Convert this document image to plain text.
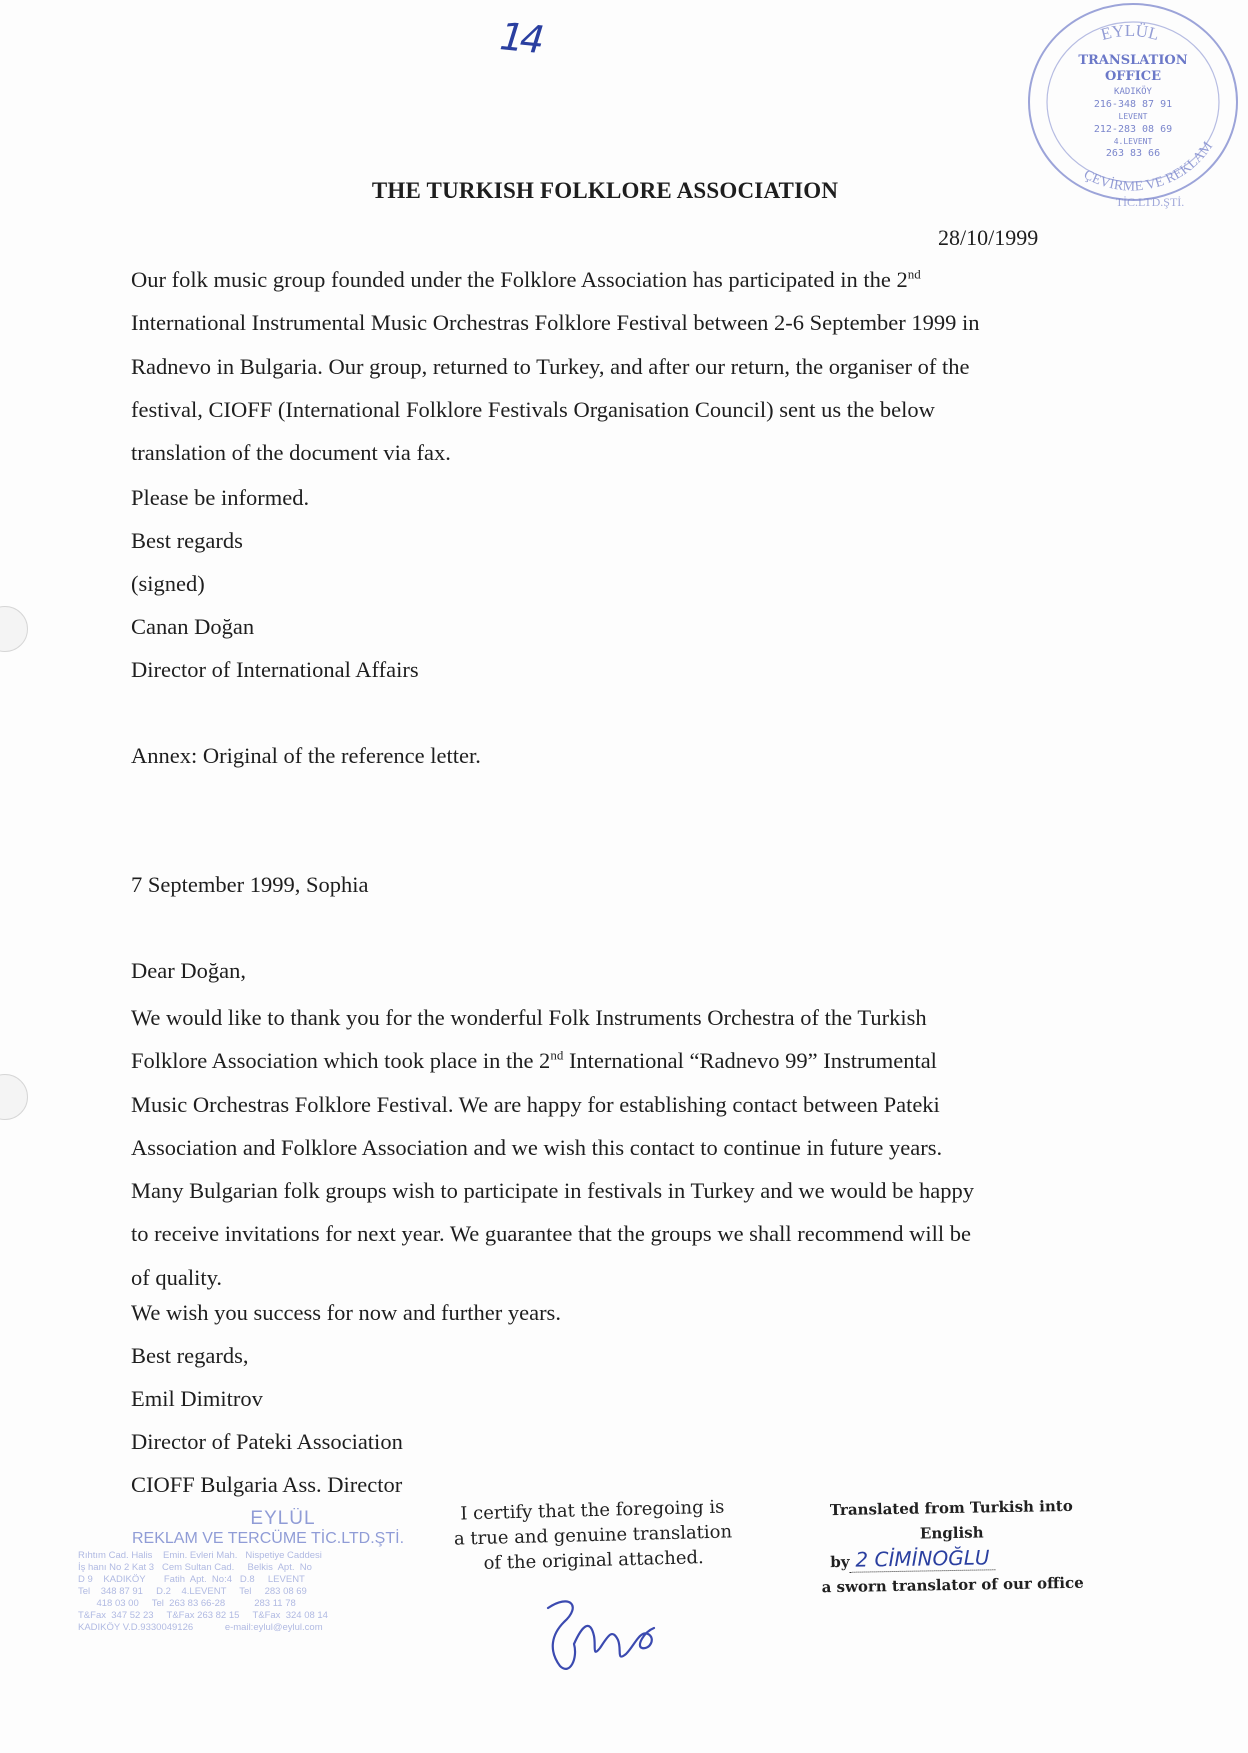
14	EYLÜL
TRANSLATION
OFFICE
KADIKÖY
216-348 87 91
LEVENT
212-283 08 69
4.LEVENT
263 83 66
ÇEVİRME VE REKLAM
TİC.LTD.ŞTİ.
THE TURKISH FOLKLORE ASSOCIATION
28/10/1999

Our folk music group founded under the Folklore Association has participated in the 2nd
International Instrumental Music Orchestras Folklore Festival between 2-6 September 1999 in
Radnevo in Bulgaria. Our group, returned to Turkey, and after our return, the organiser of the
festival, CIOFF (International Folklore Festivals Organisation Council) sent us the below
translation of the document via fax.

Please be informed.
Best regards
(signed)
Canan Doğan
Director of International Affairs
Annex: Original of the reference letter.
7 September 1999, Sophia
Dear Doğan,

We would like to thank you for the wonderful Folk Instruments Orchestra of the Turkish
Folklore Association which took place in the 2nd International “Radnevo 99” Instrumental
Music Orchestras Folklore Festival. We are happy for establishing contact between Pateki
Association and Folklore Association and we wish this contact to continue in future years.
Many Bulgarian folk groups wish to participate in festivals in Turkey and we would be happy
to receive invitations for next year. We guarantee that the groups we shall recommend will be
of quality.

We wish you success for now and further years.
Best regards,
Emil Dimitrov
Director of Pateki Association
CIOFF Bulgaria Ass. Director
EYLÜL
REKLAM VE TERCÜME TİC.LTD.ŞTİ.
Rıhtım Cad. Halis    Emin. Evleri Mah.   Nispetiye Caddesi
İş hanı No 2 Kat 3   Cem Sultan Cad.     Belkis  Apt.  No
D 9    KADIKÖY       Fatih  Apt.  No:4   D.8     LEVENT
Tel    348 87 91     D.2    4.LEVENT     Tel     283 08 69
418 03 00     Tel  263 83 66-28           283 11 78
T&Fax  347 52 23     T&Fax 263 82 15     T&Fax  324 08 14
KADIKÖY V.D.9330049126            e-mail:eylul@eylul.com
I certify that the foregoing is
a true and genuine translation
of the original attached.
Translated from Turkish into English
by 2 CİMİNOĞLU
a sworn translator of our office
